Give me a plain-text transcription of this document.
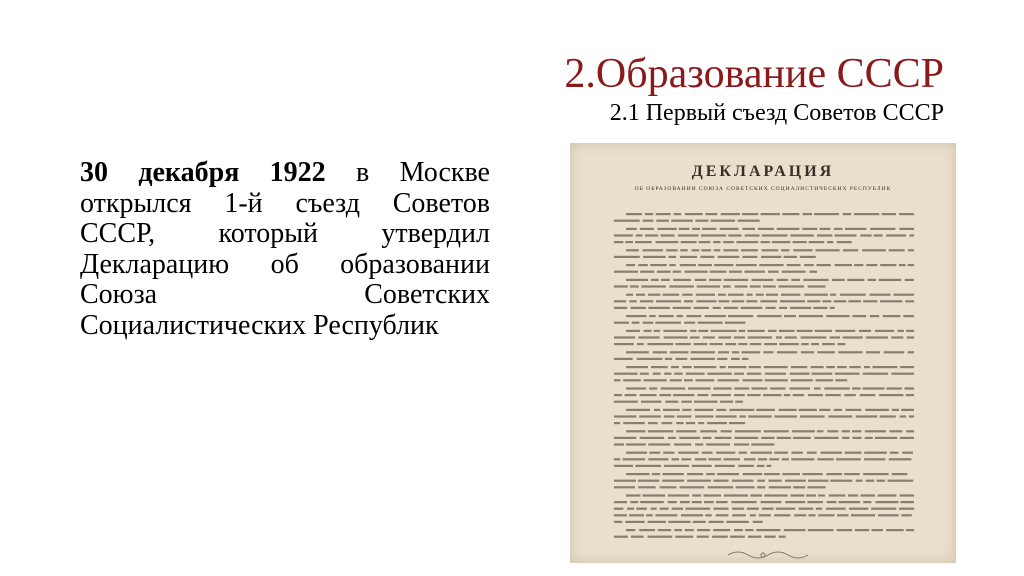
2.Образование СССР
2.1 Первый съезд Советов СССР

30 декабря 1922 в Москве открылся 1-й съезд Советов СССР, который утвердил Декларацию об образовании Союза Советских Социалистических Республик

ДЕКЛАРАЦИЯ
ОБ ОБРАЗОВАНИИ СОЮЗА СОВЕТСКИХ СОЦИАЛИСТИЧЕСКИХ РЕСПУБЛИК
